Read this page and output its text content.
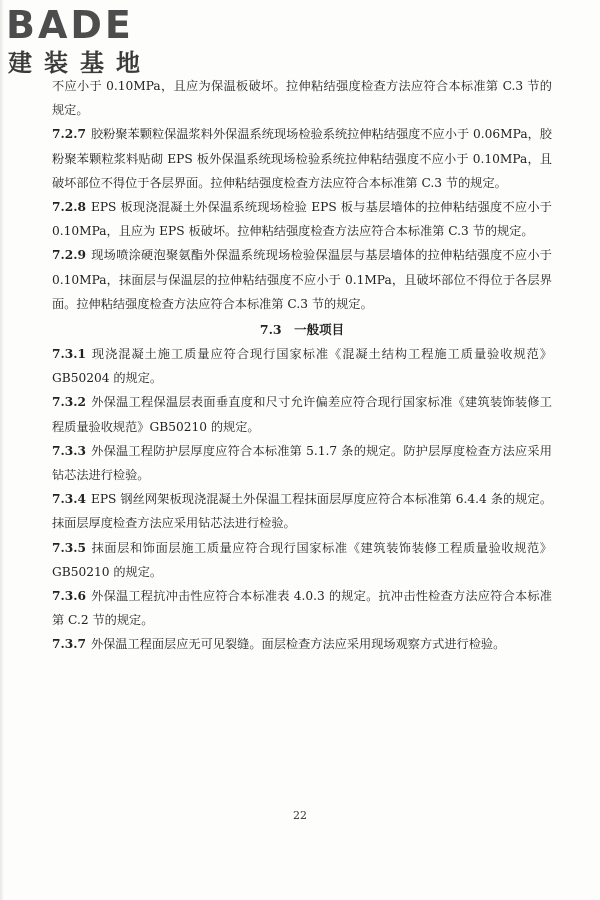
BADE
建装基地

不应小于 0.10MPa，且应为保温板破坏。拉伸粘结强度检查方法应符合本标准第 C.3 节的规定。

7.2.7 胶粉聚苯颗粒保温浆料外保温系统现场检验系统拉伸粘结强度不应小于 0.06MPa，胶粉聚苯颗粒浆料贴砌 EPS 板外保温系统现场检验系统拉伸粘结强度不应小于 0.10MPa，且破坏部位不得位于各层界面。拉伸粘结强度检查方法应符合本标准第 C.3 节的规定。

7.2.8 EPS 板现浇混凝土外保温系统现场检验 EPS 板与基层墙体的拉伸粘结强度不应小于 0.10MPa，且应为 EPS 板破坏。拉伸粘结强度检查方法应符合本标准第 C.3 节的规定。

7.2.9 现场喷涂硬泡聚氨酯外保温系统现场检验保温层与基层墙体的拉伸粘结强度不应小于 0.10MPa，抹面层与保温层的拉伸粘结强度不应小于 0.1MPa，且破坏部位不得位于各层界面。拉伸粘结强度检查方法应符合本标准第 C.3 节的规定。

7.3　一般项目

7.3.1 现浇混凝土施工质量应符合现行国家标准《混凝土结构工程施工质量验收规范》GB50204 的规定。

7.3.2 外保温工程保温层表面垂直度和尺寸允许偏差应符合现行国家标准《建筑装饰装修工程质量验收规范》GB50210 的规定。

7.3.3 外保温工程防护层厚度应符合本标准第 5.1.7 条的规定。防护层厚度检查方法应采用钻芯法进行检验。

7.3.4 EPS 钢丝网架板现浇混凝土外保温工程抹面层厚度应符合本标准第 6.4.4 条的规定。抹面层厚度检查方法应采用钻芯法进行检验。

7.3.5 抹面层和饰面层施工质量应符合现行国家标准《建筑装饰装修工程质量验收规范》GB50210 的规定。

7.3.6 外保温工程抗冲击性应符合本标准表 4.0.3 的规定。抗冲击性检查方法应符合本标准第 C.2 节的规定。

7.3.7 外保温工程面层应无可见裂缝。面层检查方法应采用现场观察方式进行检验。

22
